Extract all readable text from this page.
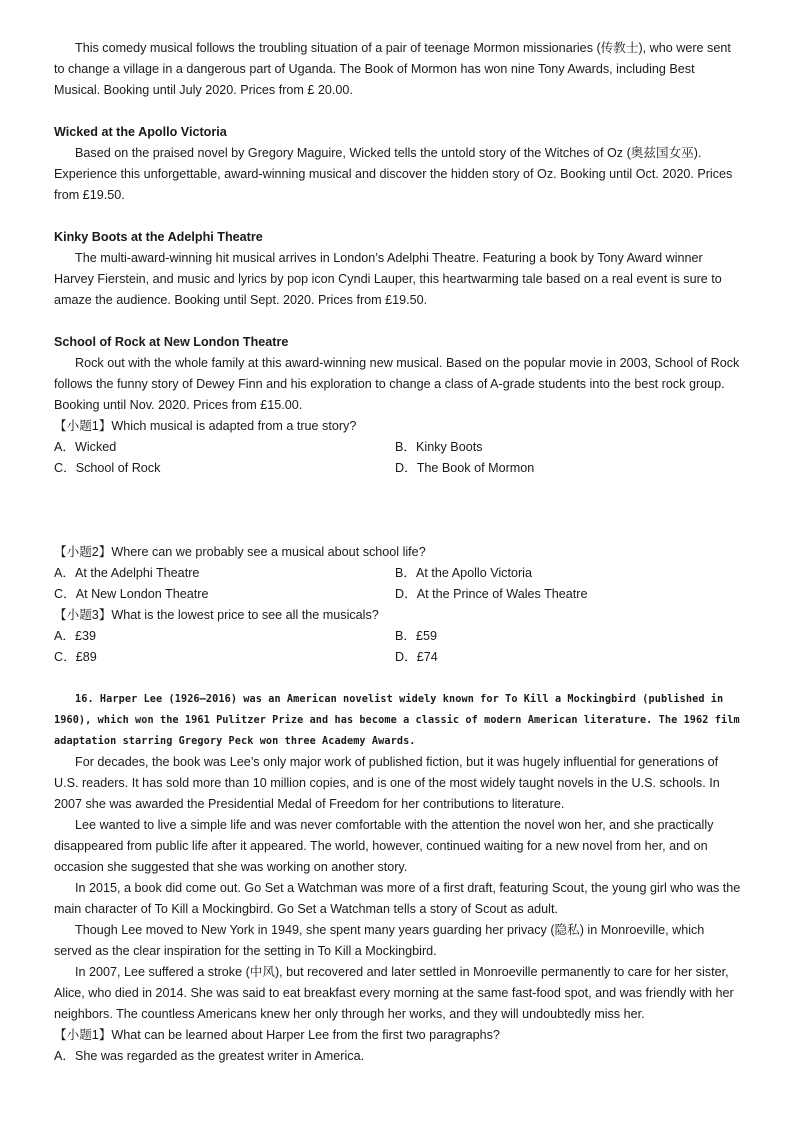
This comedy musical follows the troubling situation of a pair of teenage Mormon missionaries (传教士), who were sent to change a village in a dangerous part of Uganda. The Book of Mormon has won nine Tony Awards, including Best Musical. Booking until July 2020. Prices from £ 20.00.

Wicked at the Apollo Victoria

Based on the praised novel by Gregory Maguire, Wicked tells the untold story of the Witches of Oz (奥兹国女巫). Experience this unforgettable, award-winning musical and discover the hidden story of Oz. Booking until Oct. 2020. Prices from £19.50.

Kinky Boots at the Adelphi Theatre

The multi-award-winning hit musical arrives in London’s Adelphi Theatre. Featuring a book by Tony Award winner Harvey Fierstein, and music and lyrics by pop icon Cyndi Lauper, this heartwarming tale based on a real event is sure to amaze the audience. Booking until Sept. 2020. Prices from £19.50.

School of Rock at New London Theatre

Rock out with the whole family at this award-winning new musical. Based on the popular movie in 2003, School of Rock follows the funny story of Dewey Finn and his exploration to change a class of A-grade students into the best rock group. Booking until Nov. 2020. Prices from £15.00.

【小题1】Which musical is adapted from a true story?
A．Wicked	B．Kinky Boots
C．School of Rock	D．The Book of Mormon
【小题2】Where can we probably see a musical about school life?
A．At the Adelphi Theatre	B．At the Apollo Victoria
C．At New London Theatre	D．At the Prince of Wales Theatre
【小题3】What is the lowest price to see all the musicals?
A．£39	B．£59
C．£89	D．£74

16. Harper Lee (1926—2016) was an American novelist widely known for To Kill a Mockingbird (published in 1960), which won the 1961 Pulitzer Prize and has become a classic of modern American literature. The 1962 film adaptation starring Gregory Peck won three Academy Awards.

For decades, the book was Lee’s only major work of published fiction, but it was hugely influential for generations of U.S. readers. It has sold more than 10 million copies, and is one of the most widely taught novels in the U.S. schools. In 2007 she was awarded the Presidential Medal of Freedom for her contributions to literature.

Lee wanted to live a simple life and was never comfortable with the attention the novel won her, and she practically disappeared from public life after it appeared. The world, however, continued waiting for a new novel from her, and on occasion she suggested that she was working on another story.

In 2015, a book did come out. Go Set a Watchman was more of a first draft, featuring Scout, the young girl who was the main character of To Kill a Mockingbird. Go Set a Watchman tells a story of Scout as adult.

Though Lee moved to New York in 1949, she spent many years guarding her privacy (隐私) in Monroeville, which served as the clear inspiration for the setting in To Kill a Mockingbird.

In 2007, Lee suffered a stroke (中风), but recovered and later settled in Monroeville permanently to care for her sister, Alice, who died in 2014. She was said to eat breakfast every morning at the same fast-food spot, and was friendly with her neighbors. The countless Americans knew her only through her works, and they will undoubtedly miss her.

【小题1】What can be learned about Harper Lee from the first two paragraphs?
A．She was regarded as the greatest writer in America.
